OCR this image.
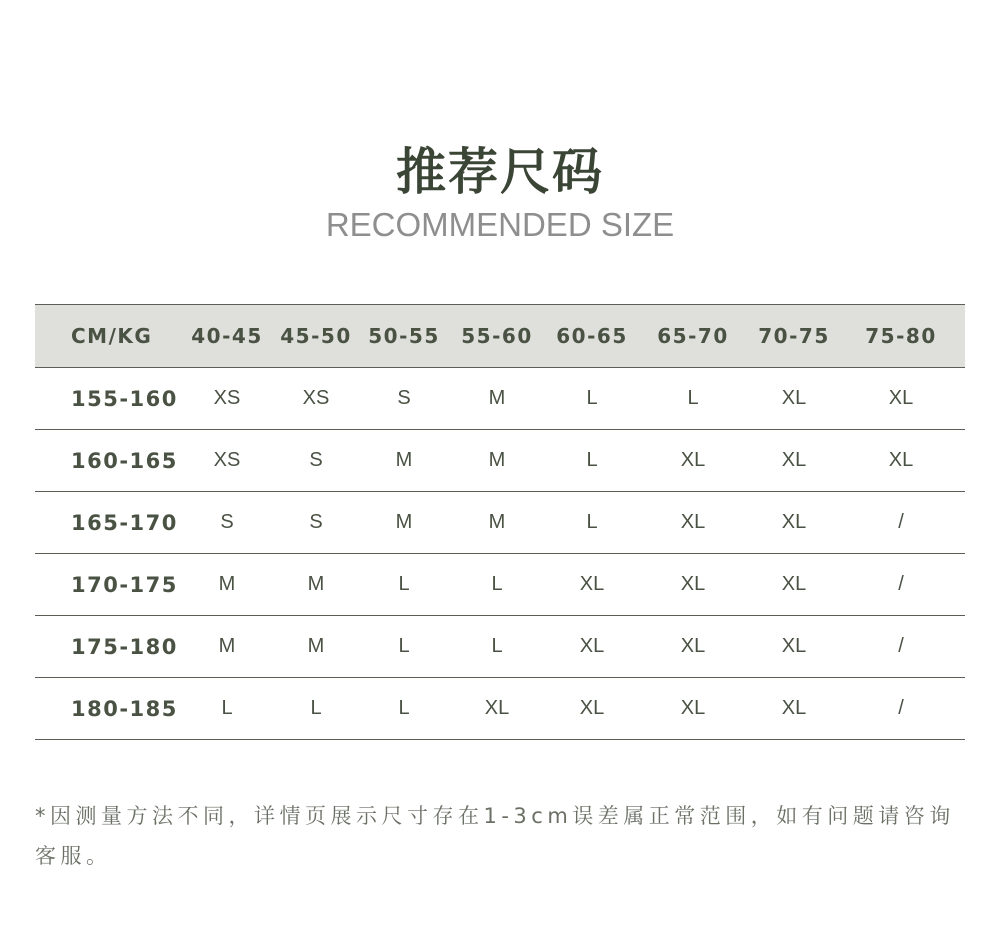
推荐尺码
RECOMMENDED SIZE
CM/KG	40-45	45-50	50-55	55-60	60-65	65-70	70-75	75-80
155-160	XS	XS	S	M	L	L	XL	XL
160-165	XS	S	M	M	L	XL	XL	XL
165-170	S	S	M	M	L	XL	XL	/
170-175	M	M	L	L	XL	XL	XL	/
175-180	M	M	L	L	XL	XL	XL	/
180-185	L	L	L	XL	XL	XL	XL	/
*因测量方法不同，详情页展示尺寸存在1-3cm误差属正常范围，如有问题请咨询客服。
